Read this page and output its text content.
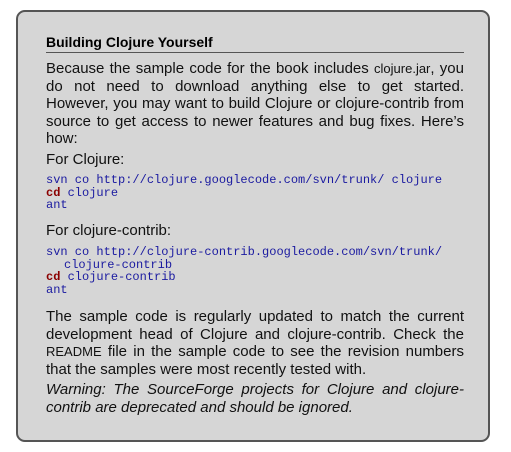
Building Clojure Yourself

Because the sample code for the book includes clojure.jar, you do not need to download anything else to get started. However, you may want to build Clojure or clojure-contrib from source to get access to newer features and bug fixes. Here’s how:

For Clojure:
svn co http://clojure.googlecode.com/svn/trunk/ clojure
cd clojure
ant
For clojure-contrib:
svn co http://clojure-contrib.googlecode.com/svn/trunk/
clojure-contrib
cd clojure-contrib
ant

The sample code is regularly updated to match the current development head of Clojure and clojure-contrib. Check the README file in the sample code to see the revision numbers that the samples were most recently tested with.

Warning: The SourceForge projects for Clojure and clojure-contrib are deprecated and should be ignored.
